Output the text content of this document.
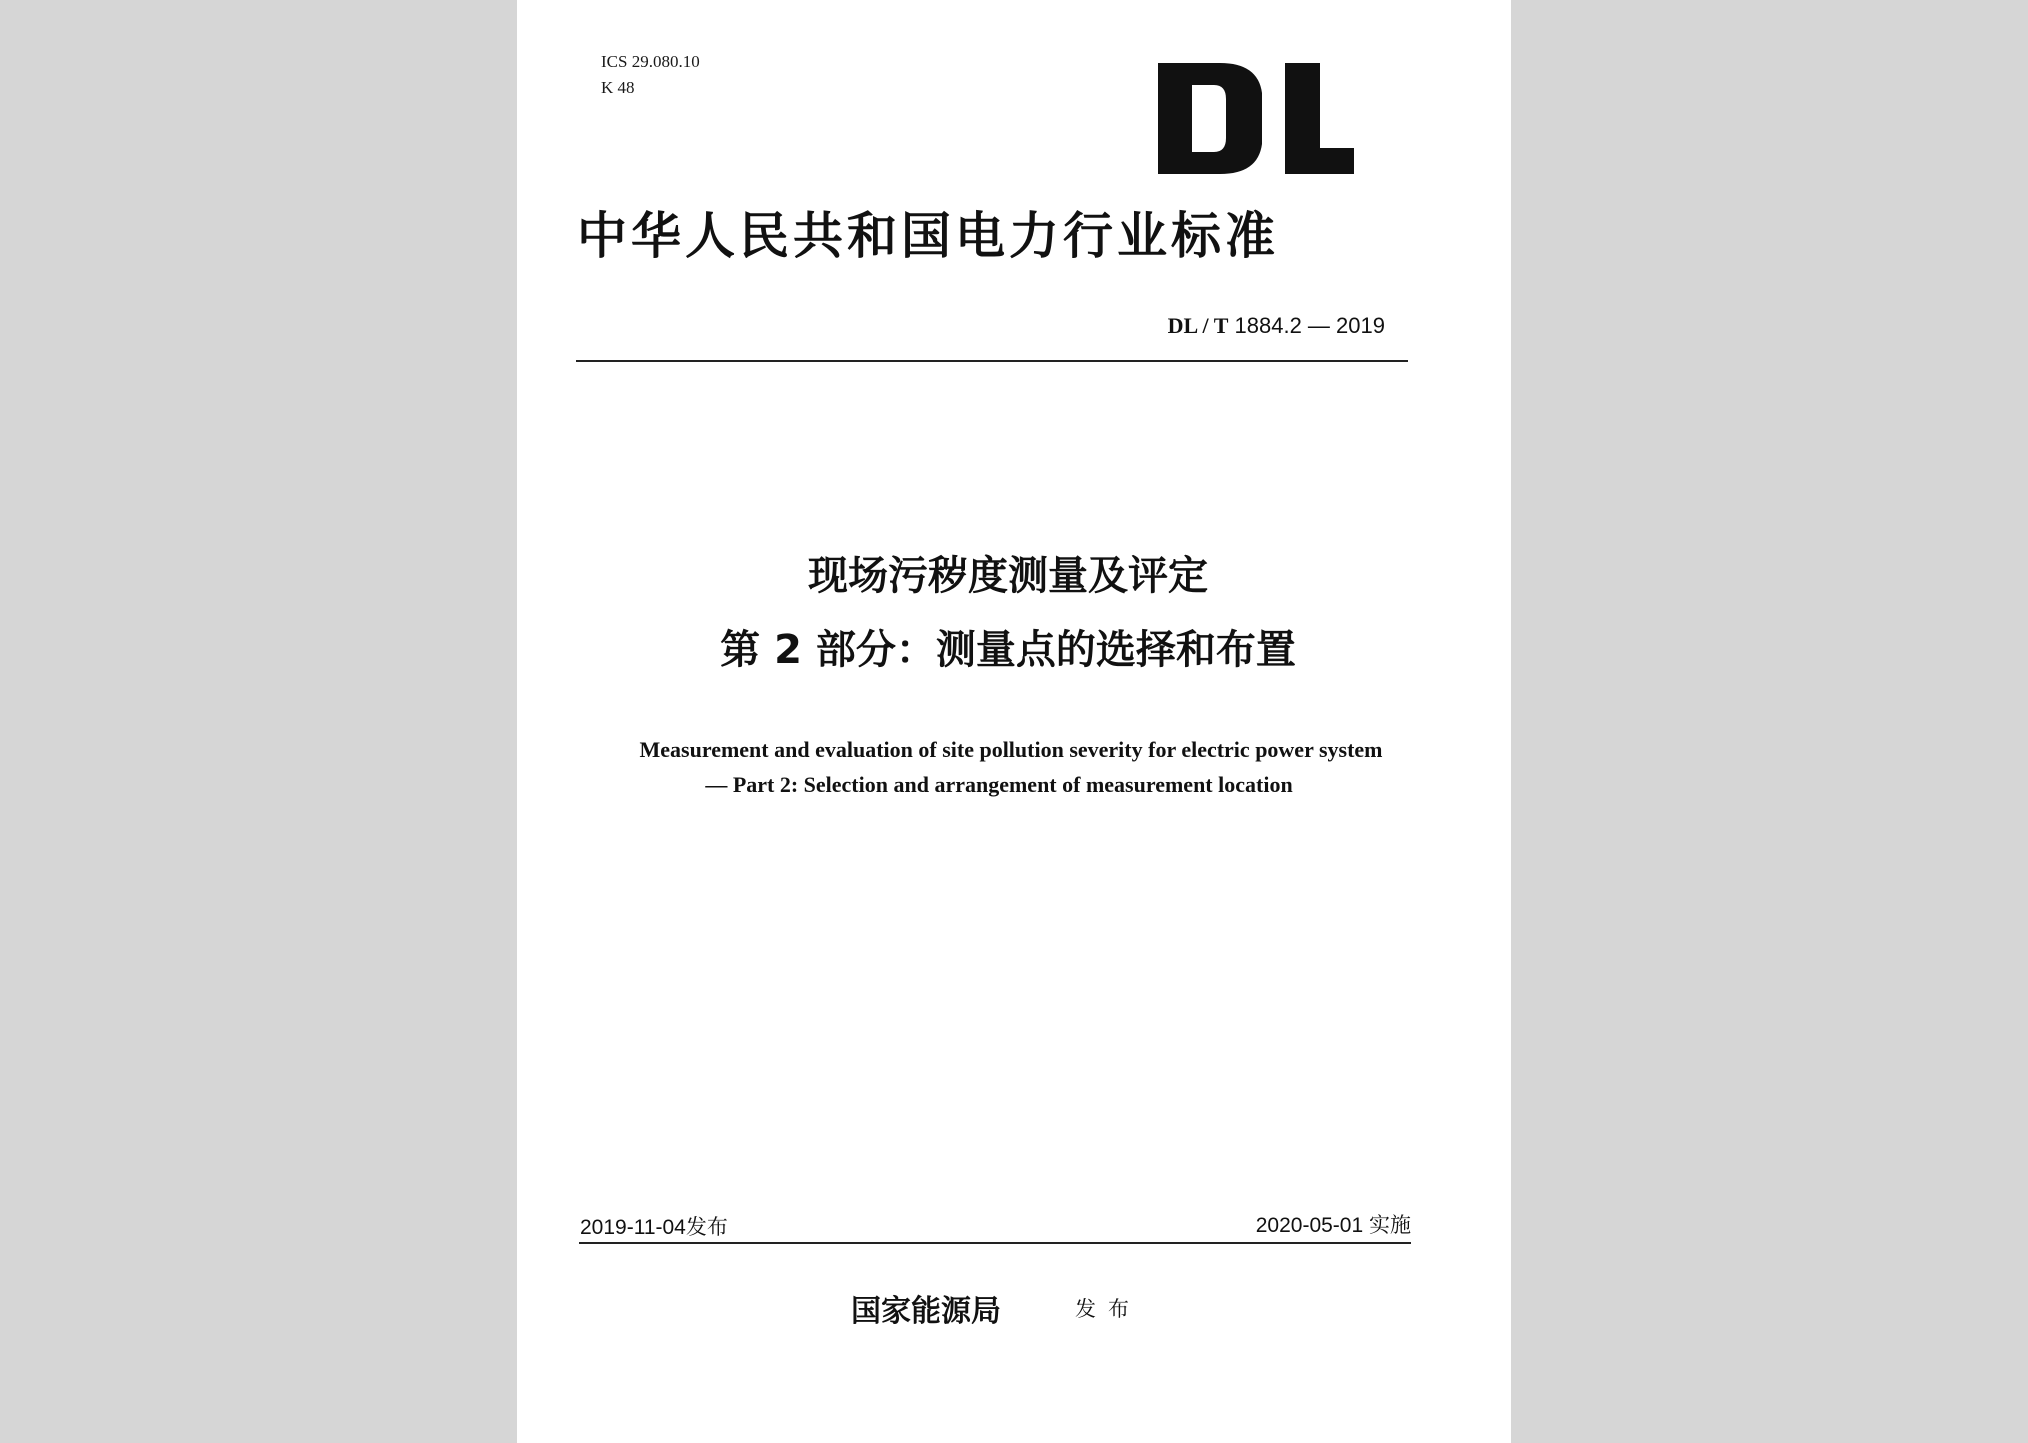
ICS 29.080.10
K 48
中华人民共和国电力行业标准
DL / T 1884.2 — 2019
现场污秽度测量及评定
第 2 部分：测量点的选择和布置
Measurement and evaluation of site pollution severity for electric power system
— Part 2: Selection and arrangement of measurement location
2019-11-04发布	2020-05-01 实施
国家能源局	发布
